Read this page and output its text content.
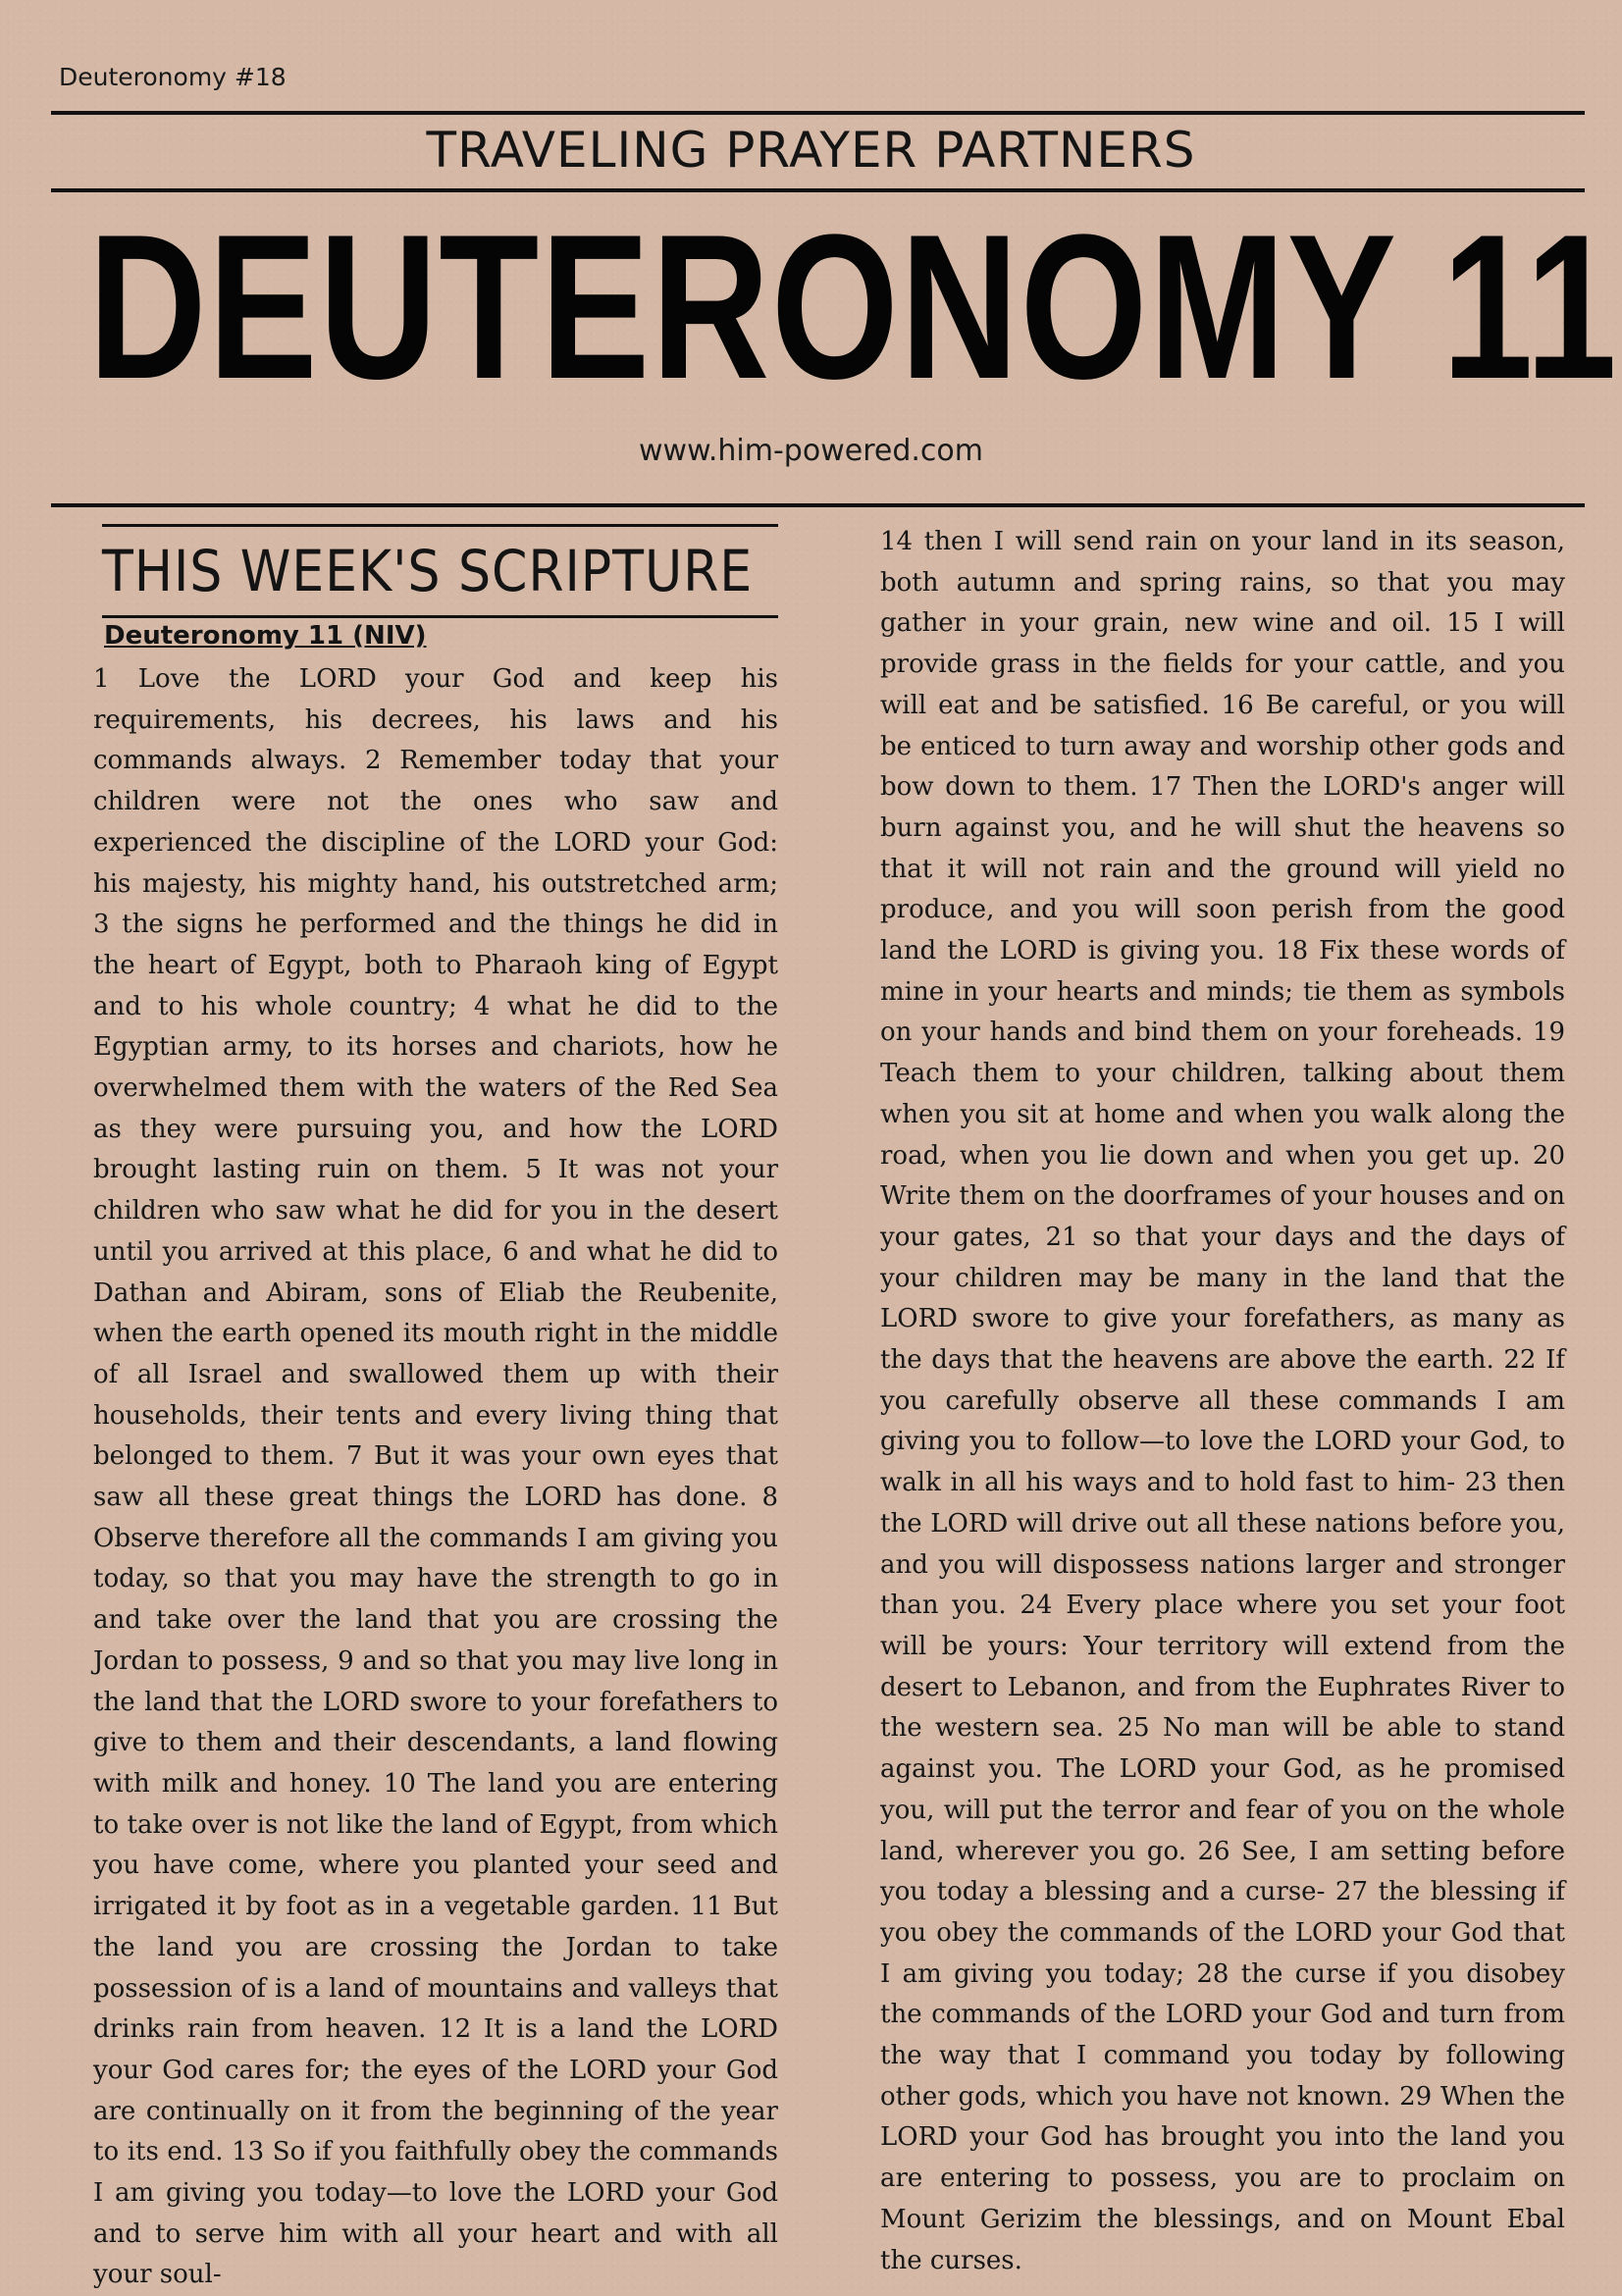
Deuteronomy #18
TRAVELING PRAYER PARTNERS
DEUTERONOMY 11
www.him-powered.com
THIS WEEK'S SCRIPTURE
Deuteronomy 11 (NIV)

1 Love the LORD your God and keep his requirements, his decrees, his laws and his commands always. 2 Remember today that your children were not the ones who saw and experienced the discipline of the LORD your God: his majesty, his mighty hand, his outstretched arm; 3 the signs he performed and the things he did in the heart of Egypt, both to Pharaoh king of Egypt and to his whole country; 4 what he did to the Egyptian army, to its horses and chariots, how he overwhelmed them with the waters of the Red Sea as they were pursuing you, and how the LORD brought lasting ruin on them. 5 It was not your children who saw what he did for you in the desert until you arrived at this place, 6 and what he did to Dathan and Abiram, sons of Eliab the Reubenite, when the earth opened its mouth right in the middle of all Israel and swallowed them up with their households, their tents and every living thing that belonged to them. 7 But it was your own eyes that saw all these great things the LORD has done. 8 Observe therefore all the commands I am giving you today, so that you may have the strength to go in and take over the land that you are crossing the Jordan to possess, 9 and so that you may live long in the land that the LORD swore to your forefathers to give to them and their descendants, a land flowing with milk and honey. 10 The land you are entering to take over is not like the land of Egypt, from which you have come, where you planted your seed and irrigated it by foot as in a vegetable garden. 11 But the land you are crossing the Jordan to take possession of is a land of mountains and valleys that drinks rain from heaven. 12 It is a land the LORD your God cares for; the eyes of the LORD your God are continually on it from the beginning of the year to its end. 13 So if you faithfully obey the commands I am giving you today—to love the LORD your God and to serve him with all your heart and with all your soul-

14 then I will send rain on your land in its season, both autumn and spring rains, so that you may gather in your grain, new wine and oil. 15 I will provide grass in the fields for your cattle, and you will eat and be satisfied. 16 Be careful, or you will be enticed to turn away and worship other gods and bow down to them. 17 Then the LORD's anger will burn against you, and he will shut the heavens so that it will not rain and the ground will yield no produce, and you will soon perish from the good land the LORD is giving you. 18 Fix these words of mine in your hearts and minds; tie them as symbols on your hands and bind them on your foreheads. 19 Teach them to your children, talking about them when you sit at home and when you walk along the road, when you lie down and when you get up. 20 Write them on the doorframes of your houses and on your gates, 21 so that your days and the days of your children may be many in the land that the LORD swore to give your forefathers, as many as the days that the heavens are above the earth. 22 If you carefully observe all these commands I am giving you to follow—to love the LORD your God, to walk in all his ways and to hold fast to him- 23 then the LORD will drive out all these nations before you, and you will dispossess nations larger and stronger than you. 24 Every place where you set your foot will be yours: Your territory will extend from the desert to Lebanon, and from the Euphrates River to the western sea. 25 No man will be able to stand against you. The LORD your God, as he promised you, will put the terror and fear of you on the whole land, wherever you go. 26 See, I am setting before you today a blessing and a curse- 27 the blessing if you obey the commands of the LORD your God that I am giving you today; 28 the curse if you disobey the commands of the LORD your God and turn from the way that I command you today by following other gods, which you have not known. 29 When the LORD your God has brought you into the land you are entering to possess, you are to proclaim on Mount Gerizim the blessings, and on Mount Ebal the curses.
